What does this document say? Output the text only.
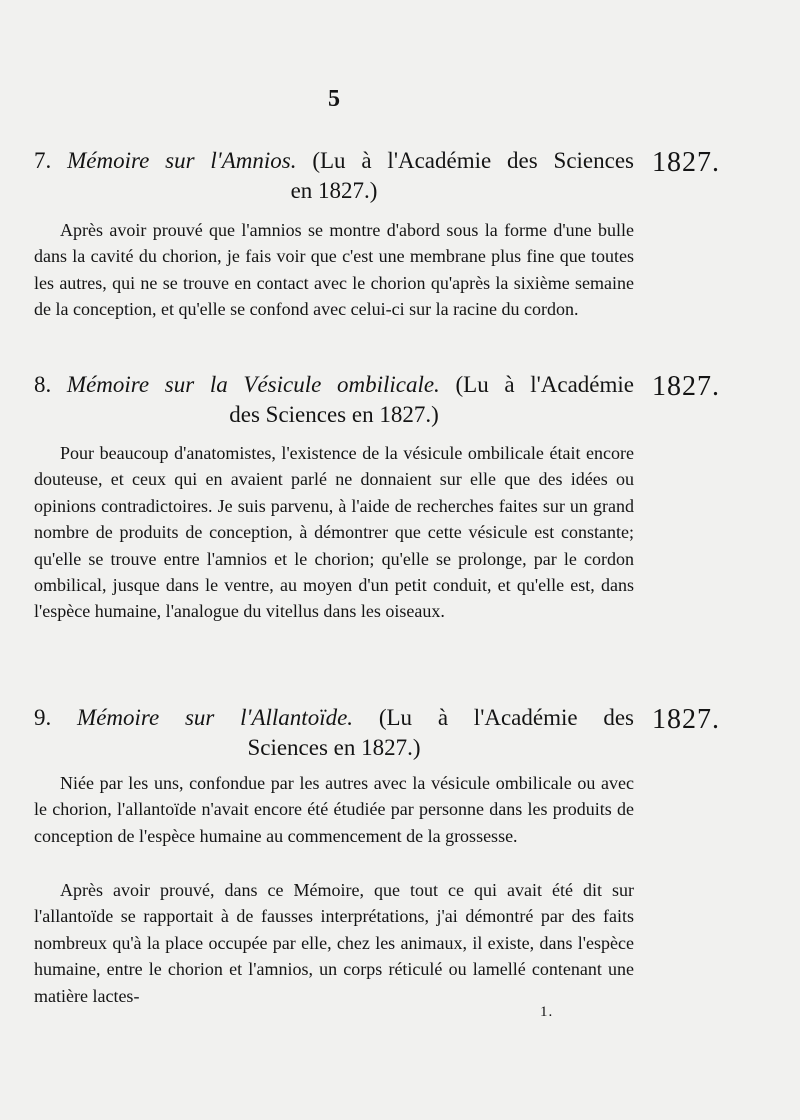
5
7. Mémoire sur l'Amnios. (Lu à l'Académie des Sciences
en 1827.)
1827.

Après avoir prouvé que l'amnios se montre d'abord sous la forme d'une bulle dans la cavité du chorion, je fais voir que c'est une membrane plus fine que toutes les autres, qui ne se trouve en contact avec le chorion qu'après la sixième semaine de la conception, et qu'elle se confond avec celui-ci sur la racine du cordon.

8. Mémoire sur la Vésicule ombilicale. (Lu à l'Académie
des Sciences en 1827.)
1827.

Pour beaucoup d'anatomistes, l'existence de la vésicule ombilicale était encore douteuse, et ceux qui en avaient parlé ne donnaient sur elle que des idées ou opinions contradictoires. Je suis parvenu, à l'aide de recherches faites sur un grand nombre de produits de conception, à démontrer que cette vésicule est constante; qu'elle se trouve entre l'amnios et le chorion; qu'elle se prolonge, par le cordon ombilical, jusque dans le ventre, au moyen d'un petit conduit, et qu'elle est, dans l'espèce humaine, l'analogue du vitellus dans les oiseaux.

9. Mémoire sur l'Allantoïde. (Lu à l'Académie des
Sciences en 1827.)
1827.

Niée par les uns, confondue par les autres avec la vésicule ombilicale ou avec le chorion, l'allantoïde n'avait encore été étudiée par personne dans les produits de conception de l'espèce humaine au commencement de la grossesse.

Après avoir prouvé, dans ce Mémoire, que tout ce qui avait été dit sur l'allantoïde se rapportait à de fausses interprétations, j'ai démontré par des faits nombreux qu'à la place occupée par elle, chez les animaux, il existe, dans l'espèce humaine, entre le chorion et l'amnios, un corps réticulé ou lamellé contenant une matière lactes-

1.
